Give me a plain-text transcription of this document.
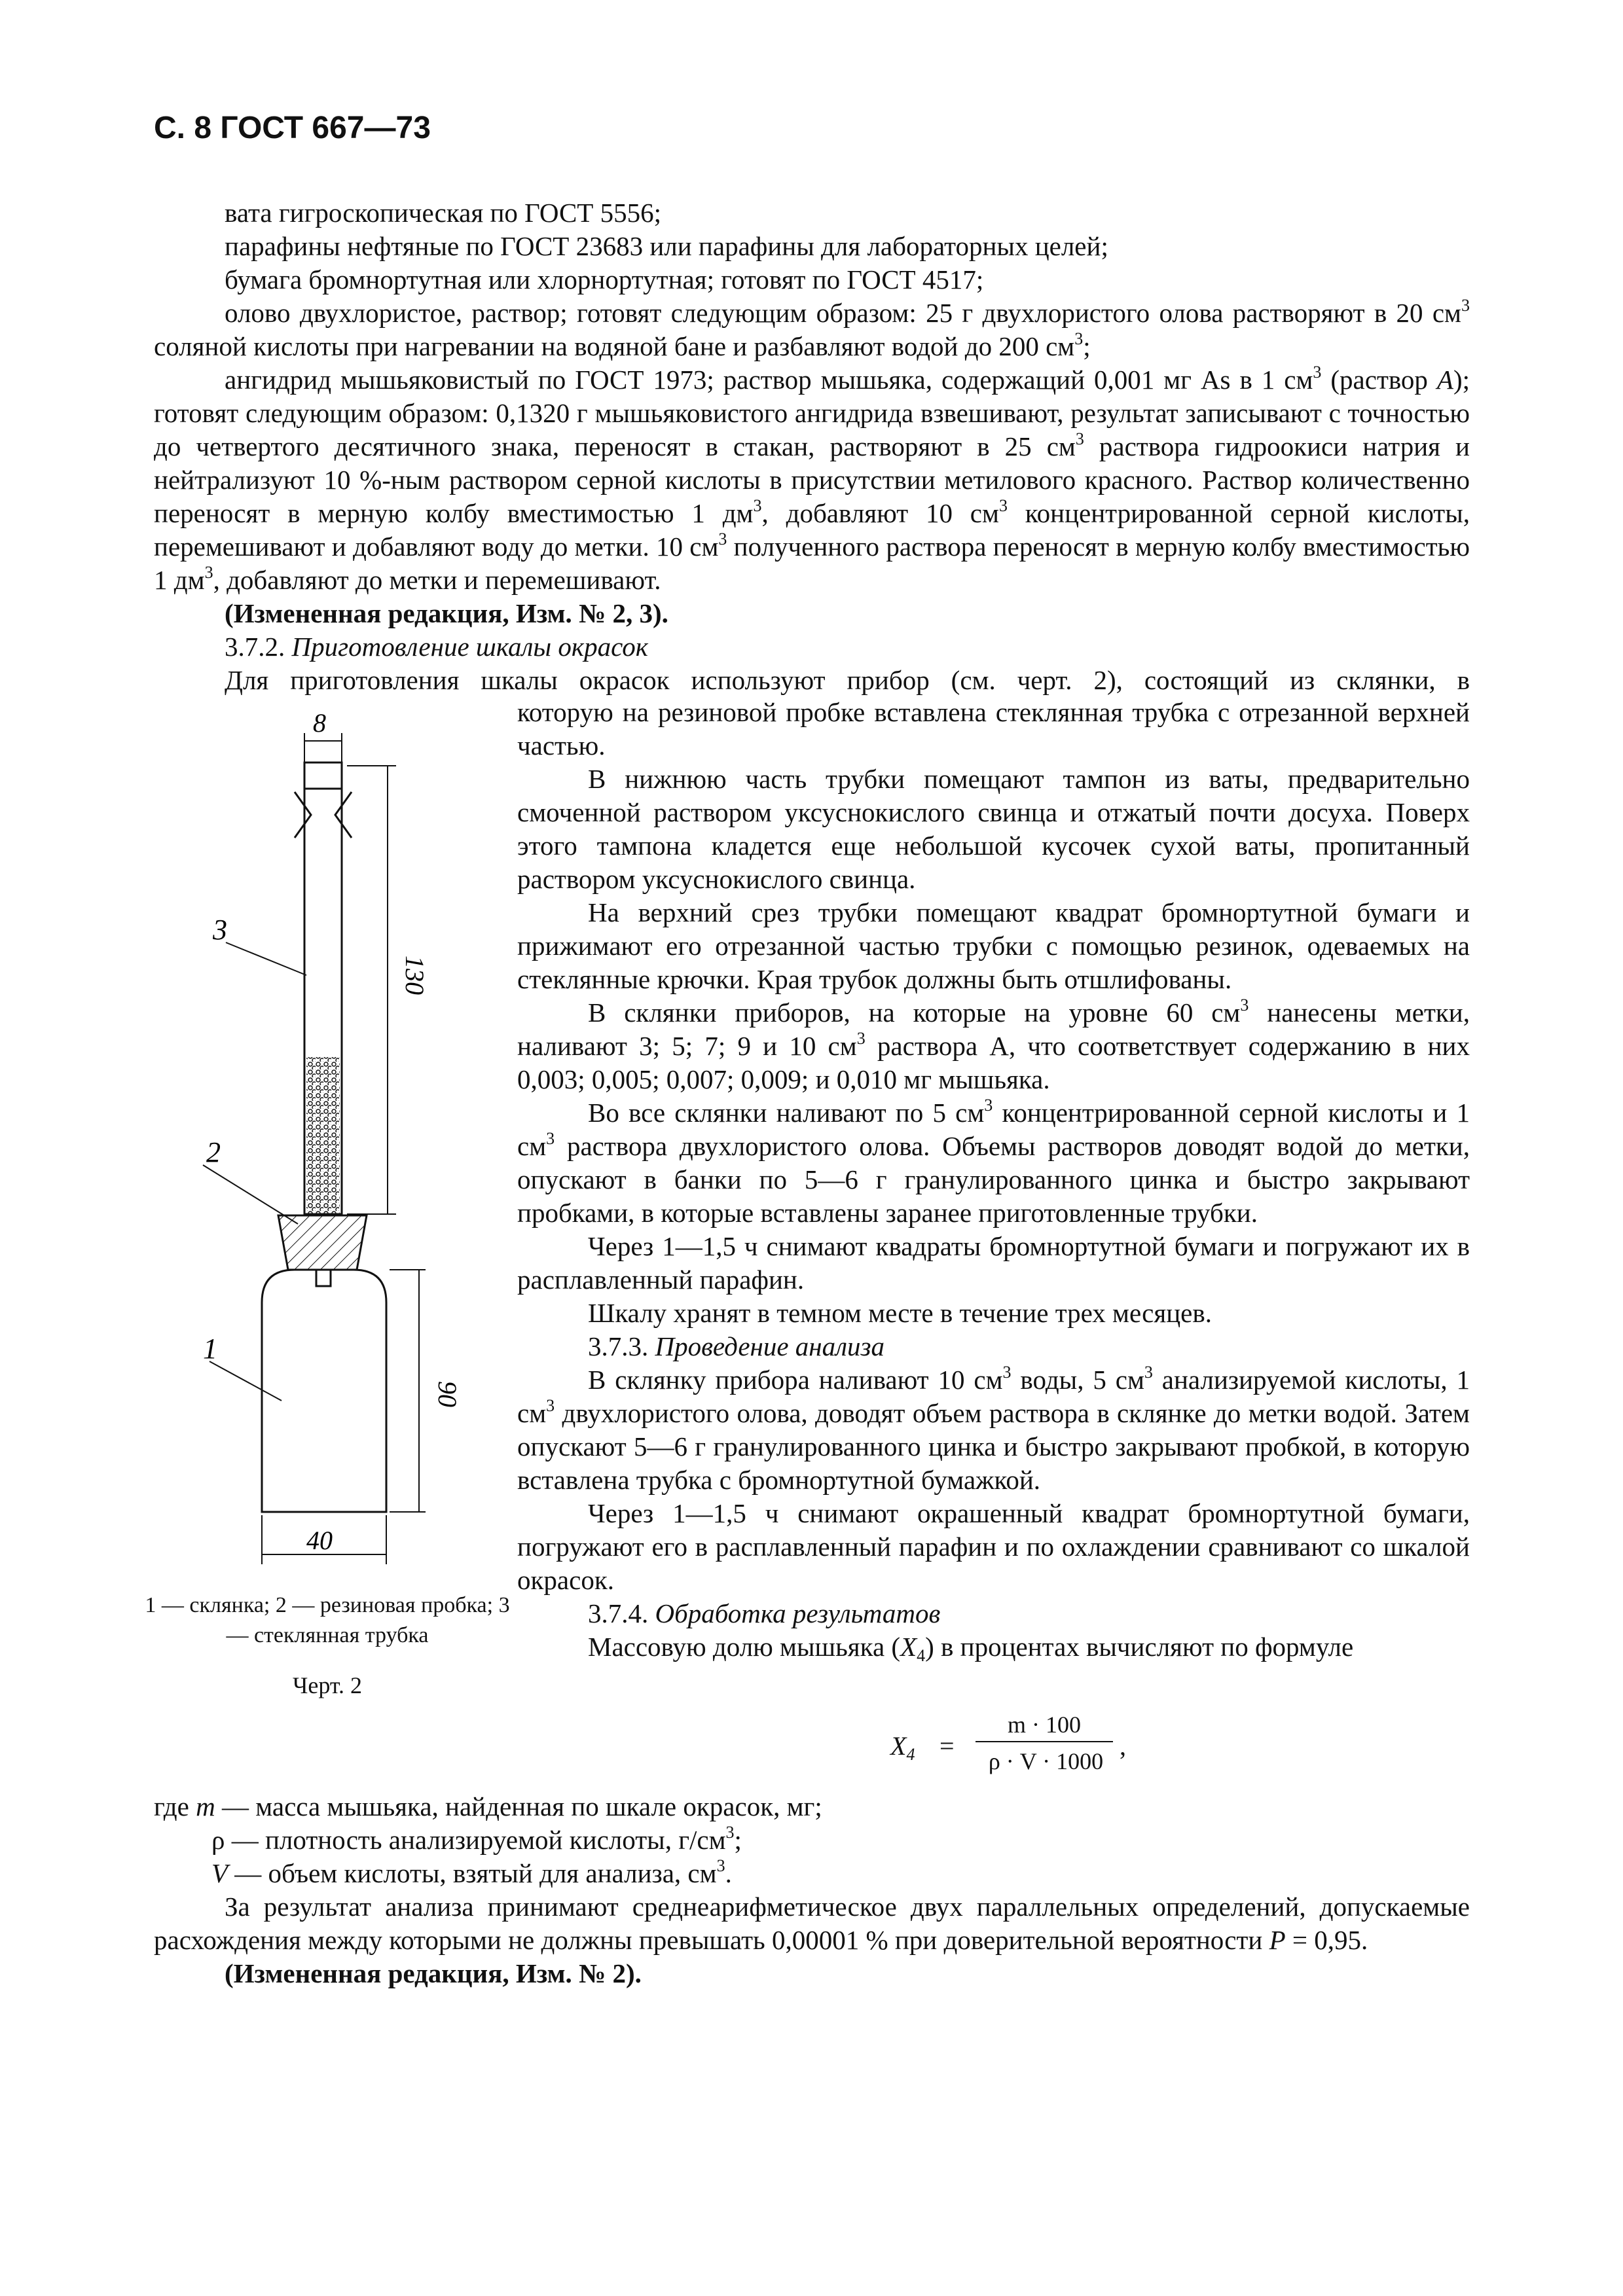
С. 8 ГОСТ 667—73

вата гигроскопическая по ГОСТ 5556;

парафины нефтяные по ГОСТ 23683 или парафины для лабораторных целей;

бумага бромнортутная или хлорнортутная; готовят по ГОСТ 4517;

олово двухлористое, раствор; готовят следующим образом: 25 г двухлористого олова растворяют в 20 $см^3$ соляной кислоты при нагревании на водяной бане и разбавляют водой до 200 $см^3$;

ангидрид мышьяковистый по ГОСТ 1973; раствор мышьяка, содержащий 0,001 мг As в 1 $см^3$ (раствор А); готовят следующим образом: 0,1320 г мышьяковистого ангидрида взвешивают, результат записывают с точностью до четвертого десятичного знака, переносят в стакан, растворяют в 25 $см^3$ раствора гидроокиси натрия и нейтрализуют 10 %-ным раствором серной кислоты в присутствии метилового красного. Раствор количественно переносят в мерную колбу вместимостью 1 $дм^3$, добавляют 10 $см^3$ концентрированной серной кислоты, перемешивают и добавляют воду до метки. 10 $см^3$ полученного раствора переносят в мерную колбу вместимостью 1 $дм^3$, добавляют до метки и перемешивают.

(Измененная редакция, Изм. № 2, 3).

3.7.2. Приготовление шкалы окрасок

Для приготовления шкалы окрасок используют прибор (см. черт. 2), состоящий из склянки, в

которую на резиновой пробке вставлена стеклянная трубка с отрезанной верхней частью.

В нижнюю часть трубки помещают тампон из ваты, предварительно смоченной раствором уксуснокислого свинца и отжатый почти досуха. Поверх этого тампона кладется еще небольшой кусочек сухой ваты, пропитанный раствором уксуснокислого свинца.

На верхний срез трубки помещают квадрат бромнортутной бумаги и прижимают его отрезанной частью трубки с помощью резинок, одеваемых на стеклянные крючки. Края трубок должны быть отшлифованы.

В склянки приборов, на которые на уровне 60 $см^3$ нанесены метки, наливают 3; 5; 7; 9 и 10 $см^3$ раствора А, что соответствует содержанию в них 0,003; 0,005; 0,007; 0,009; и 0,010 мг мышьяка.

Во все склянки наливают по 5 $см^3$ концентрированной серной кислоты и 1 $см^3$ раствора двухлористого олова. Объемы растворов доводят водой до метки, опускают в банки по 5—6 г гранулированного цинка и быстро закрывают пробками, в которые вставлены заранее приготовленные трубки.

Через 1—1,5 ч снимают квадраты бромнортутной бумаги и погружают их в расплавленный парафин.

Шкалу хранят в темном месте в течение трех месяцев.

3.7.3. Проведение анализа

В склянку прибора наливают 10 $см^3$ воды, 5 $см^3$ анализируемой кислоты, 1 $см^3$ двухлористого олова, доводят объем раствора в склянке до метки водой. Затем опускают 5—6 г гранулированного цинка и быстро закрывают пробкой, в которую вставлена трубка с бромнортутной бумажкой.

Через 1—1,5 ч снимают окрашенный квадрат бромнортутной бумаги, погружают его в расплавленный парафин и по охлаждении сравнивают со шкалой окрасок.

3.7.4. Обработка результатов

Массовую долю мышьяка $(X_4)$ в процентах вычисляют по формуле

8
130
90
40
3
1
2
1 — склянка; 2 — резиновая пробка; 3 — стеклянная трубка
Черт. 2
$X_4$ =
m · 100
ρ · V · 1000
,

где m — масса мышьяка, найденная по шкале окрасок, мг;

ρ — плотность анализируемой кислоты, $г/см^3$;

V — объем кислоты, взятый для анализа, $см^3$.

За результат анализа принимают среднеарифметическое двух параллельных определений, допускаемые расхождения между которыми не должны превышать 0,00001 % при доверительной вероятности P = 0,95.

(Измененная редакция, Изм. № 2).
